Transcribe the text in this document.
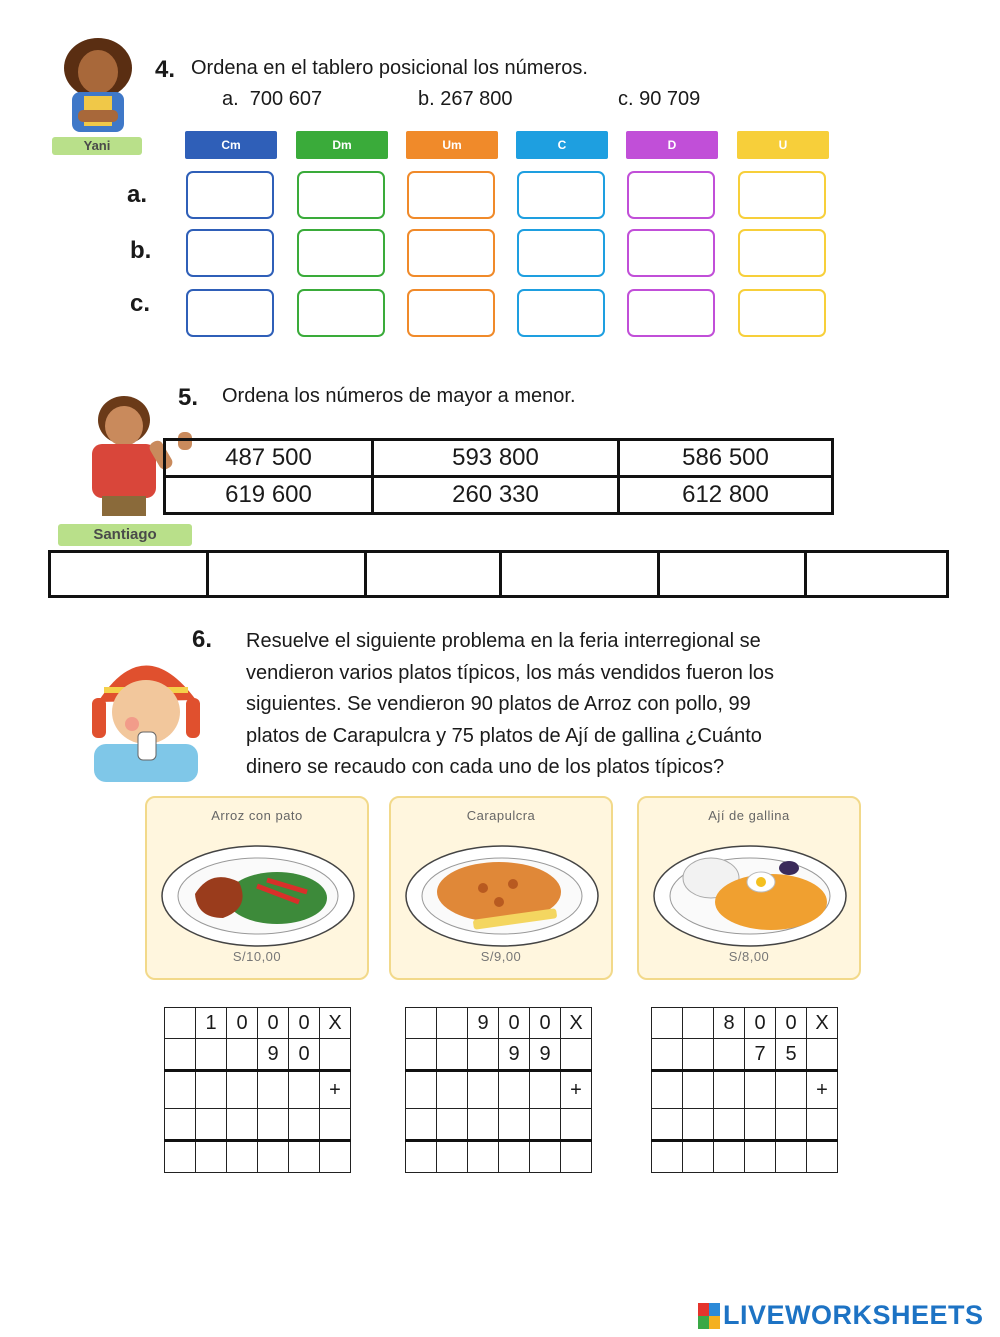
Yani
4. Ordena en el tablero posicional los números.
a.  700 607	b. 267 800	c. 90 709
Cm	Dm	Um	C	D	U
a.
b.
c.
Santiago
5. Ordena los números de mayor a menor.
487 500	593 800	586 500
619 600	260 330	612 800

6. Resuelve el siguiente problema en la feria interregional se
vendieron varios platos típicos, los más vendidos fueron los
siguientes. Se vendieron 90 platos de Arroz con pollo, 99
platos de Carapulcra y 75 platos de Ají de gallina ¿Cuánto
dinero se recaudo con cada uno de los platos típicos?
Arroz con pato
S/10,00
Carapulcra
S/9,00
Ají de gallina
S/8,00
	1	0	0	0	X
			9	0	
					+

		9	0	0	X
			9	9	
					+

		8	0	0	X
			7	5	
					+

LIVEWORKSHEETS
